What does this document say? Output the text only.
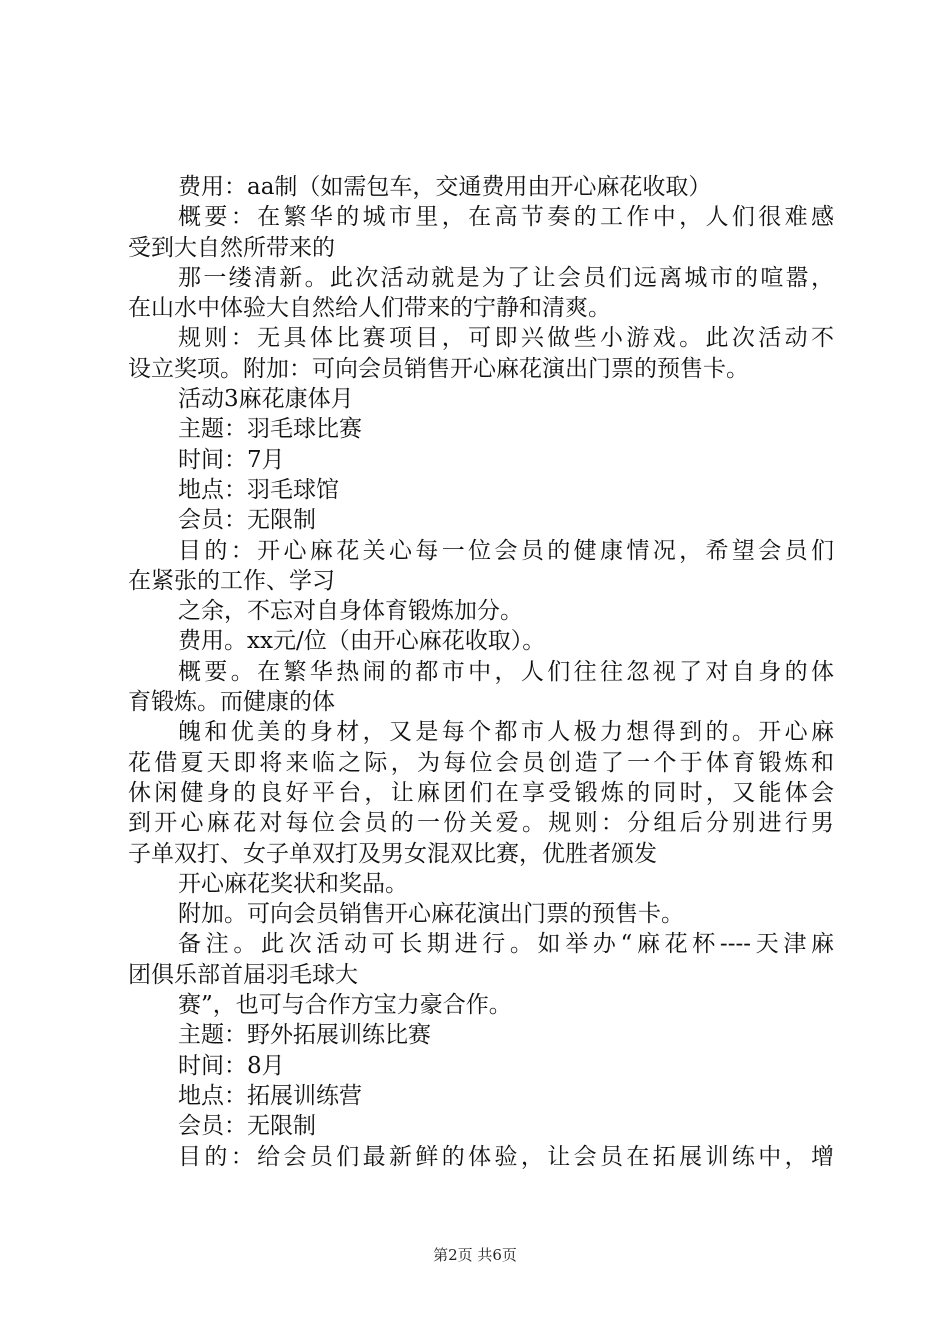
费用：aa制（如需包车，交通费用由开心麻花收取）
概要：在繁华的城市里，在高节奏的工作中，人们很难感
受到大自然所带来的
那一缕清新。此次活动就是为了让会员们远离城市的喧嚣，
在山水中体验大自然给人们带来的宁静和清爽。
规则：无具体比赛项目，可即兴做些小游戏。此次活动不
设立奖项。附加：可向会员销售开心麻花演出门票的预售卡。
活动3麻花康体月
主题：羽毛球比赛
时间：7月
地点：羽毛球馆
会员：无限制
目的：开心麻花关心每一位会员的健康情况，希望会员们
在紧张的工作、学习
之余，不忘对自身体育锻炼加分。
费用。xx元/位（由开心麻花收取）。
概要。在繁华热闹的都市中，人们往往忽视了对自身的体
育锻炼。而健康的体
魄和优美的身材，又是每个都市人极力想得到的。开心麻
花借夏天即将来临之际，为每位会员创造了一个于体育锻炼和
休闲健身的良好平台，让麻团们在享受锻炼的同时，又能体会
到开心麻花对每位会员的一份关爱。规则：分组后分别进行男
子单双打、女子单双打及男女混双比赛，优胜者颁发
开心麻花奖状和奖品。
附加。可向会员销售开心麻花演出门票的预售卡。
备注。此次活动可长期进行。如举办“麻花杯----天津麻
团俱乐部首届羽毛球大
赛”，也可与合作方宝力豪合作。
主题：野外拓展训练比赛
时间：8月
地点：拓展训练营
会员：无限制
目的：给会员们最新鲜的体验，让会员在拓展训练中，增
第2页 共6页
